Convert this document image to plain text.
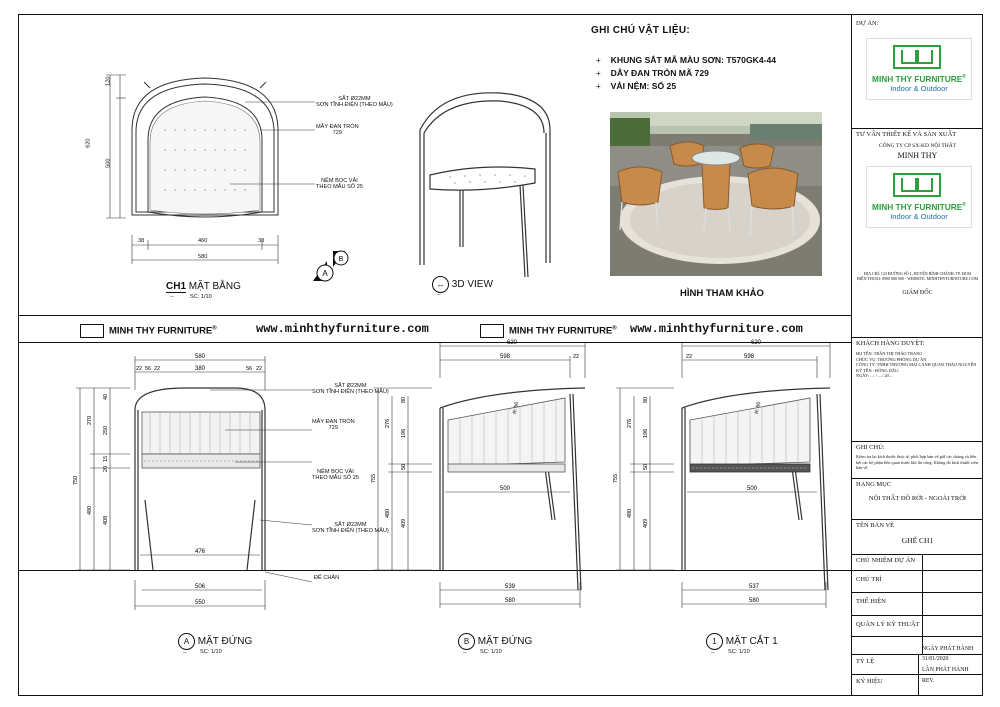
GHI CHÚ VẬT LIỆU:
+ KHUNG SẮT MÃ MÀU SƠN: T570GK4-44
+ DÂY ĐAN TRÒN MÃ 729
+ VẢI NỆM: SỐ 25
HÌNH THAM KHẢO
120
620
500
38	460	38
580
SẮT Ø22MM
SƠN TĨNH ĐIỆN (THEO MẪU)
MÂY ĐAN TRÒN
729
NỆM BỌC VẢI
THEO MẪU SỐ 25
CH1 MẶT BẰNG
--	SC: 1/10
A
B
↔ 3D VIEW
--
MINH THY FURNITURE®	www.minhthyfurniture.com	MINH THY FURNITURE® www.minhthyfurniture.com
580
380
22 56 22	56 22
476
506
550
40
270
250
15
20
750
480
408
SẮT Ø22MM
SƠN TĨNH ĐIỆN (THEO MẪU)
MÂY ĐAN TRÒN
729
NỆM BỌC VẢI
THEO MẪU SỐ 25
SẮT Ø22MM
SƠN TĨNH ĐIỆN (THEO MẪU)
ĐẾ CHÂN
A MẶT ĐỨNG
-- SC: 1/10
620
598	22
80
276
196
50
755
480
409
500
539
580
R: 56
B MẶT ĐỨNG
-- SC: 1/10
620
598
22
80
276
196
50
755
480
409
500
537
580
R: 56
1 MẶT CẮT 1
-- SC: 1/10
DỰ ÁN:
MINH THY FURNITURE®
Indoor & Outdoor
TƯ VẤN THIẾT KẾ VÀ SẢN XUẤT
CÔNG TY CP SX-KD NỘI THẤT
MINH THY
MINH THY FURNITURE®
Indoor & Outdoor
ĐỊA CHỈ: 123 ĐƯỜNG SỐ 1, HUYỆN BÌNH CHÁNH, TP. HCM
ĐIỆN THOẠI: 0900 000 000 - WEBSITE: MINHTHYFURNITURE.COM
GIÁM ĐỐC
KHÁCH HÀNG DUYỆT:
HỌ TÊN: TRẦN THỊ THẢO TRANG
CHỨC VỤ: TRƯỞNG PHÒNG DỰ ÁN
CÔNG TY: TNHH THƯƠNG MẠI CẢNH QUAN THẢO NGUYÊN
KÝ TÊN - ĐÓNG DẤU:
NGÀY: .... / ..../ 20...
GHI CHÚ:
Kiểm tra lại kích thước thực tế, phối hợp bản vẽ giữ các chủng và liên kết các bộ phận liên quan trước khi thi công. Không đo kích thước trên bản vẽ.
HẠNG MỤC
NỘI THẤT ĐỒ RỜI - NGOÀI TRỜI
TÊN BẢN VẼ
GHẾ CH1
CHỦ NHIỆM DỰ ÁN
CHỦ TRÌ
THỂ HIỆN
QUẢN LÝ KỸ THUẬT
TỶ LỆ
NGÀY PHÁT HÀNH
31/01/2020
KÝ HIỆU
LẦN PHÁT HÀNH
REV.
